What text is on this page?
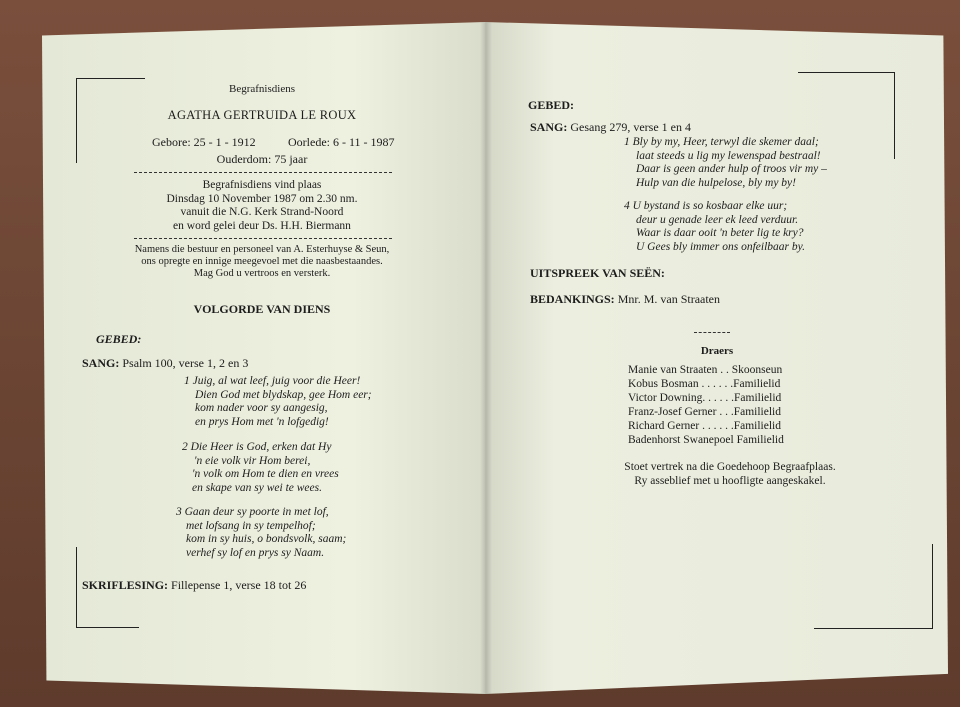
Begrafnisdiens
AGATHA GERTRUIDA LE ROUX
Gebore: 25 - 1 - 1912	Oorlede: 6 - 11 - 1987
Ouderdom: 75 jaar
Begrafnisdiens vind plaas
Dinsdag 10 November 1987 om 2.30 nm.
vanuit die N.G. Kerk Strand-Noord
en word gelei deur Ds. H.H. Biermann
Namens die bestuur en personeel van A. Esterhuyse & Seun,
ons opregte en innige meegevoel met die naasbestaandes.
Mag God u vertroos en versterk.
VOLGORDE VAN DIENS
GEBED:
SANG: Psalm 100, verse 1, 2 en 3
1 Juig, al wat leef, juig voor die Heer!
Dien God met blydskap, gee Hom eer;
kom nader voor sy aangesig,
en prys Hom met 'n lofgedig!
2 Die Heer is God, erken dat Hy
'n eie volk vir Hom berei,
'n volk om Hom te dien en vrees
en skape van sy wei te wees.
3 Gaan deur sy poorte in met lof,
met lofsang in sy tempelhof;
kom in sy huis, o bondsvolk, saam;
verhef sy lof en prys sy Naam.
SKRIFLESING: Fillepense 1, verse 18 tot 26
GEBED:
SANG: Gesang 279, verse 1 en 4
1 Bly by my, Heer, terwyl die skemer daal;
laat steeds u lig my lewenspad bestraal!
Daar is geen ander hulp of troos vir my –
Hulp van die hulpelose, bly my by!
4 U bystand is so kosbaar elke uur;
deur u genade leer ek leed verduur.
Waar is daar ooit 'n beter lig te kry?
U Gees bly immer ons onfeilbaar by.
UITSPREEK VAN SEËN:
BEDANKINGS: Mnr. M. van Straaten
Draers
Manie van Straaten . . Skoonseun
Kobus Bosman . . . . . .Familielid
Victor Downing. . . . . .Familielid
Franz-Josef Gerner . . .Familielid
Richard Gerner . . . . . .Familielid
Badenhorst Swanepoel Familielid
Stoet vertrek na die Goedehoop Begraafplaas.
Ry asseblief met u hoofligte aangeskakel.
